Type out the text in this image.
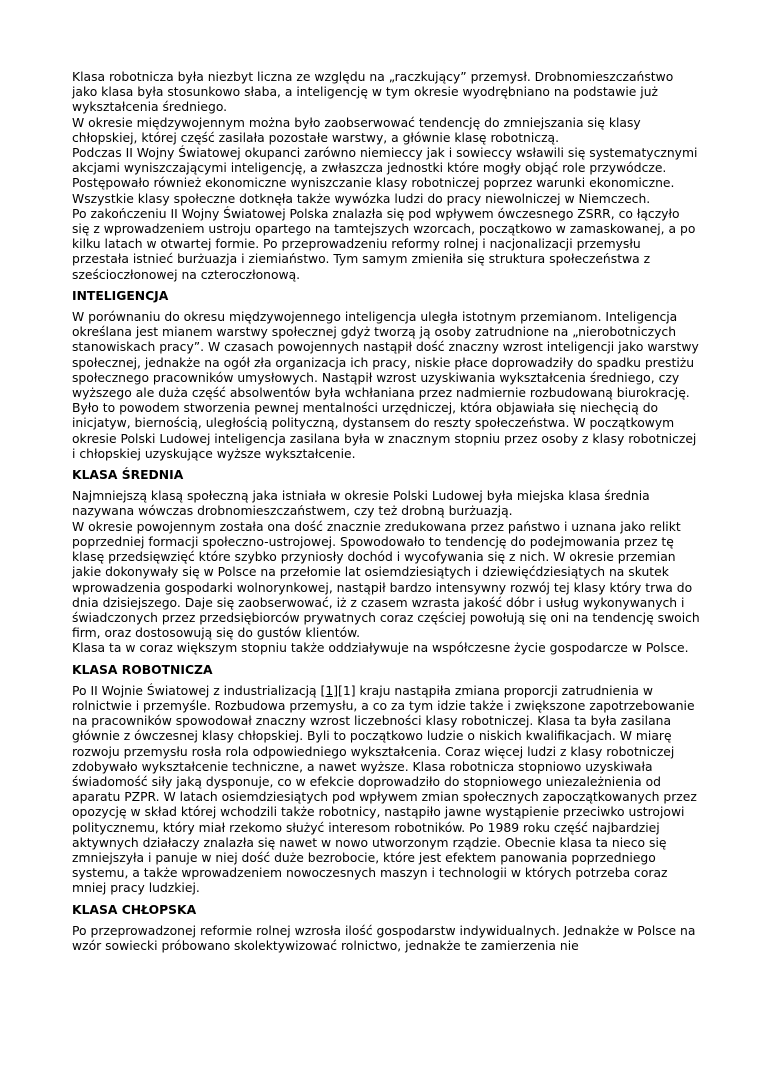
Klasa robotnicza była niezbyt liczna ze względu na „raczkujący” przemysł. Drobnomieszczaństwo jako klasa była stosunkowo słaba, a inteligencję w tym okresie wyodrębniano na podstawie już wykształcenia średniego.

W okresie międzywojennym można było zaobserwować tendencję do zmniejszania się klasy chłopskiej, której część zasilała pozostałe warstwy, a głównie klasę robotniczą.

Podczas II Wojny Światowej okupanci zarówno niemieccy jak i sowieccy wsławili się systematycznymi akcjami wyniszczającymi inteligencję, a zwłaszcza jednostki które mogły objąć role przywódcze. Postępowało również ekonomiczne wyniszczanie klasy robotniczej poprzez warunki ekonomiczne. Wszystkie klasy społeczne dotknęła także wywózka ludzi do pracy niewolniczej w Niemczech.

Po zakończeniu II Wojny Światowej Polska znalazła się pod wpływem ówczesnego ZSRR, co łączyło się z wprowadzeniem ustroju opartego na tamtejszych wzorcach, początkowo w zamaskowanej, a po kilku latach w otwartej formie. Po przeprowadzeniu reformy rolnej i nacjonalizacji przemysłu przestała istnieć burżuazja i ziemiaństwo. Tym samym zmieniła się struktura społeczeństwa z sześcioczłonowej na czteroczłonową.

INTELIGENCJA

W porównaniu do okresu międzywojennego inteligencja uległa istotnym przemianom. Inteligencja określana jest mianem warstwy społecznej gdyż tworzą ją osoby zatrudnione na „nierobotniczych stanowiskach pracy”. W czasach powojennych nastąpił dość znaczny wzrost inteligencji jako warstwy społecznej, jednakże na ogół zła organizacja ich pracy, niskie płace doprowadziły do spadku prestiżu społecznego pracowników umysłowych. Nastąpił wzrost uzyskiwania wykształcenia średniego, czy wyższego ale duża część absolwentów była wchłaniana przez nadmiernie rozbudowaną biurokrację. Było to powodem stworzenia pewnej mentalności urzędniczej, która objawiała się niechęcią do inicjatyw, biernością, uległością polityczną, dystansem do reszty społeczeństwa. W początkowym okresie Polski Ludowej inteligencja zasilana była w znacznym stopniu przez osoby z klasy robotniczej i chłopskiej uzyskujące wyższe wykształcenie.

KLASA ŚREDNIA

Najmniejszą klasą społeczną jaka istniała w okresie Polski Ludowej była miejska klasa średnia nazywana wówczas drobnomieszczaństwem, czy też drobną burżuazją.

W okresie powojennym została ona dość znacznie zredukowana przez państwo i uznana jako relikt poprzedniej formacji społeczno-ustrojowej. Spowodowało to tendencję do podejmowania przez tę klasę przedsięwzięć które szybko przyniosły dochód i wycofywania się z nich. W okresie przemian jakie dokonywały się w Polsce na przełomie lat osiemdziesiątych i dziewięćdziesiątych na skutek wprowadzenia gospodarki wolnorynkowej, nastąpił bardzo intensywny rozwój tej klasy który trwa do dnia dzisiejszego. Daje się zaobserwować, iż z czasem wzrasta jakość dóbr i usług wykonywanych i świadczonych przez przedsiębiorców prywatnych coraz częściej powołują się oni na tendencję swoich firm, oraz dostosowują się do gustów klientów.

Klasa ta w coraz większym stopniu także oddziaływuje na współczesne życie gospodarcze w Polsce.

KLASA ROBOTNICZA

Po II Wojnie Światowej z industrializacją [1][1] kraju nastąpiła zmiana proporcji zatrudnienia w rolnictwie i przemyśle. Rozbudowa przemysłu, a co za tym idzie także i zwiększone zapotrzebowanie na pracowników spowodował znaczny wzrost liczebności klasy robotniczej. Klasa ta była zasilana głównie z ówczesnej klasy chłopskiej. Byli to początkowo ludzie o niskich kwalifikacjach. W miarę rozwoju przemysłu rosła rola odpowiedniego wykształcenia. Coraz więcej ludzi z klasy robotniczej zdobywało wykształcenie techniczne, a nawet wyższe. Klasa robotnicza stopniowo uzyskiwała świadomość siły jaką dysponuje, co w efekcie doprowadziło do stopniowego uniezależnienia od aparatu PZPR. W latach osiemdziesiątych pod wpływem zmian społecznych zapoczątkowanych przez opozycję w skład której wchodzili także robotnicy, nastąpiło jawne wystąpienie przeciwko ustrojowi politycznemu, który miał rzekomo służyć interesom robotników. Po 1989 roku część najbardziej aktywnych działaczy znalazła się nawet w nowo utworzonym rządzie. Obecnie klasa ta nieco się zmniejszyła i panuje w niej dość duże bezrobocie, które jest efektem panowania poprzedniego systemu, a także wprowadzeniem nowoczesnych maszyn i technologii w których potrzeba coraz mniej pracy ludzkiej.

KLASA CHŁOPSKA

Po przeprowadzonej reformie rolnej wzrosła ilość gospodarstw indywidualnych. Jednakże w Polsce na wzór sowiecki próbowano skolektywizować rolnictwo, jednakże te zamierzenia nie
